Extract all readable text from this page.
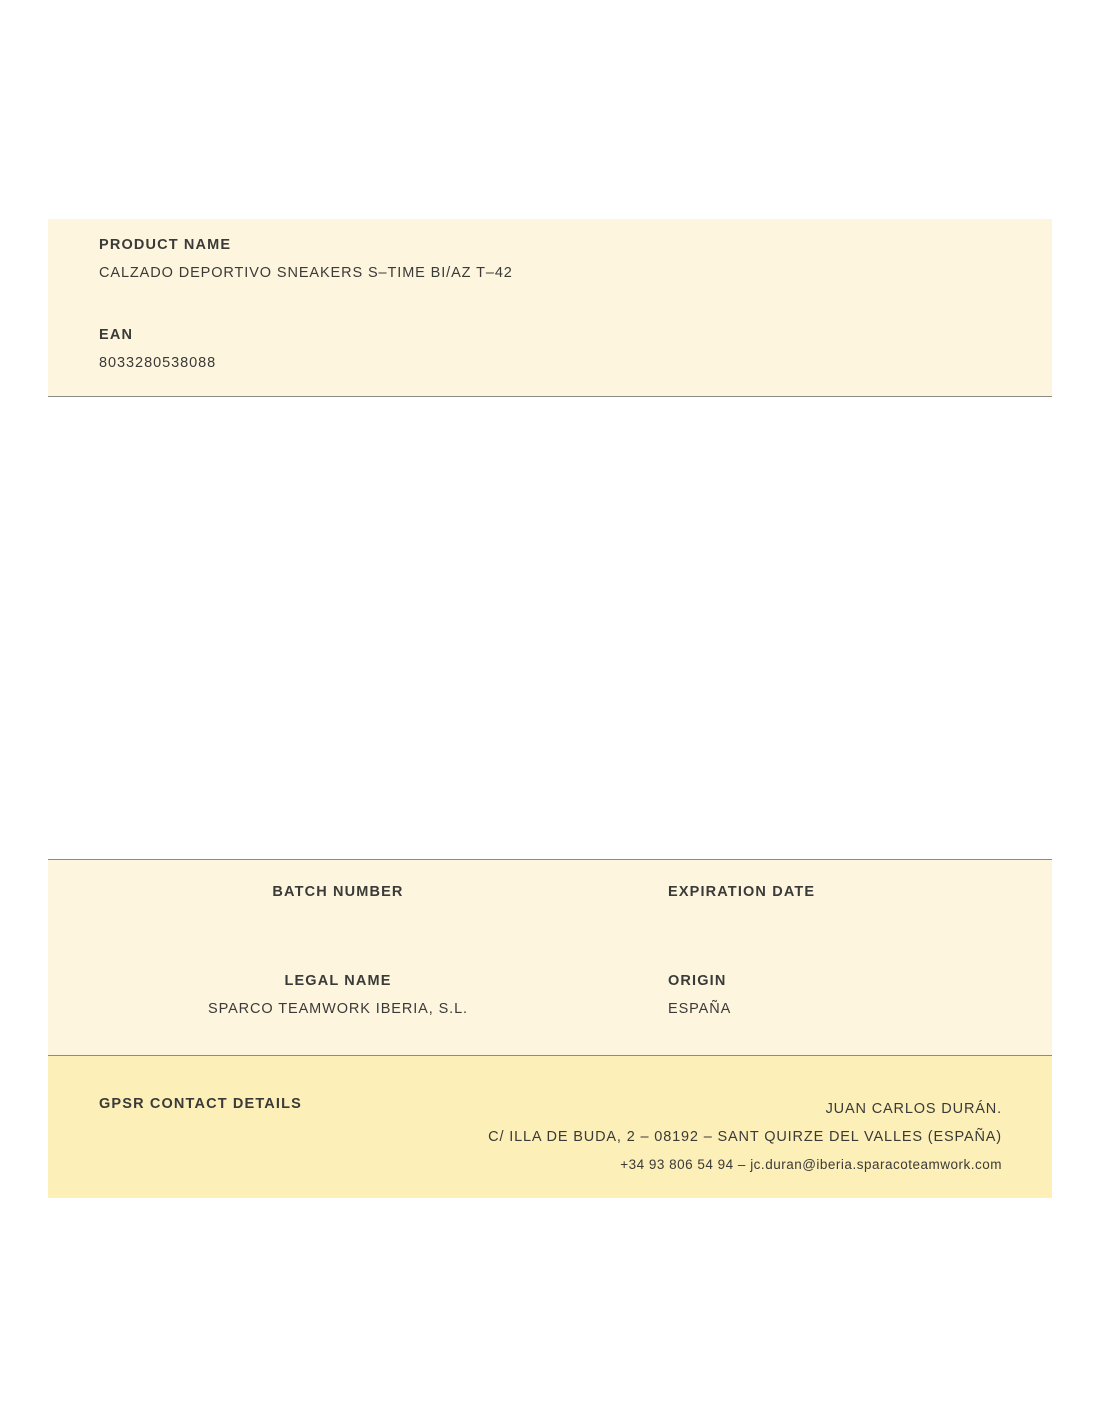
PRODUCT NAME
CALZADO DEPORTIVO SNEAKERS S–TIME BI/AZ T–42
EAN
8033280538088
BATCH NUMBER	EXPIRATION DATE
LEGAL NAME
SPARCO TEAMWORK IBERIA, S.L.
ORIGIN
ESPAÑA
GPSR CONTACT DETAILS	JUAN CARLOS DURÁN.
C/ ILLA DE BUDA, 2 – 08192 – SANT QUIRZE DEL VALLES (ESPAÑA)
+34 93 806 54 94 – jc.duran@iberia.sparacoteamwork.com
